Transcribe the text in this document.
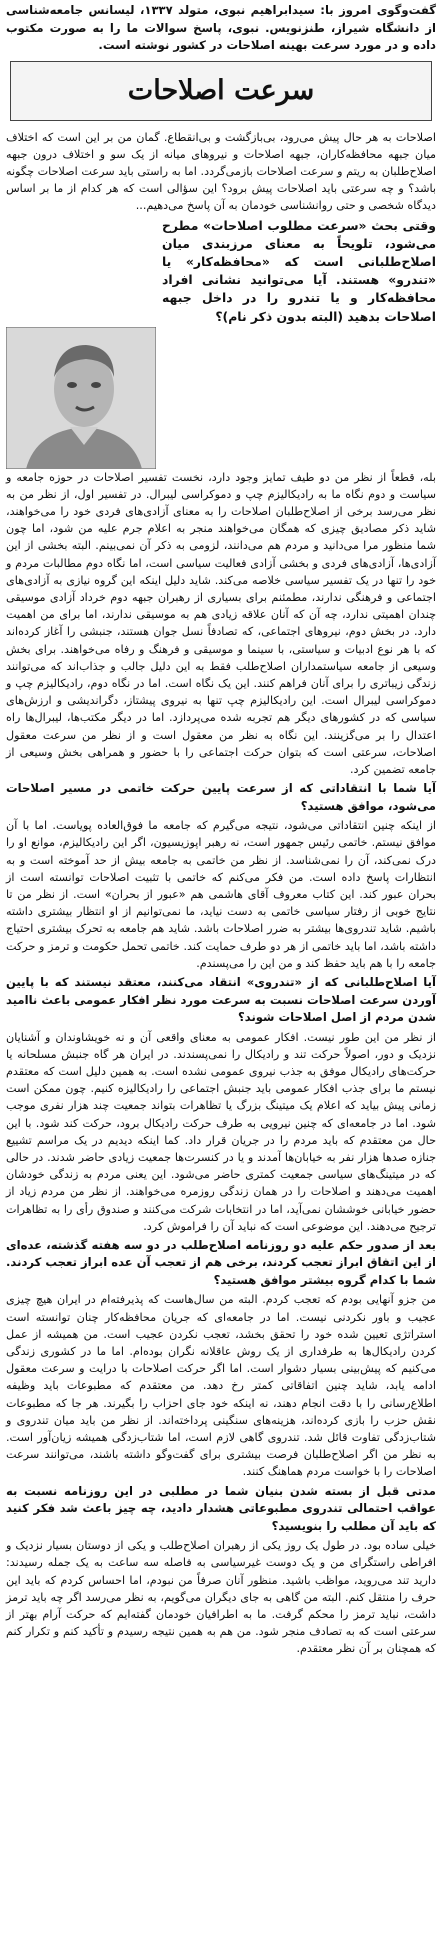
گفت‌وگوی امروز با: سیدابراهیم نبوی، متولد ۱۳۳۷، لیسانس جامعه‌شناسی از دانشگاه شیراز، طنزنویس. نبوی، پاسخ سوالات ما را به صورت مکتوب داده و در مورد سرعت بهینه اصلاحات در کشور نوشته است.

سرعت اصلاحات

اصلاحات به هر حال پیش می‌رود، بی‌بازگشت و بی‌انقطاع. گمان من بر این است که اختلاف میان جبهه محافظه‌کاران، جبهه اصلاحات و نیروهای میانه از یک سو و اختلاف درون جبهه اصلاح‌طلبان به ریتم و سرعت اصلاحات بازمی‌گردد. اما به راستی باید سرعت اصلاحات چگونه باشد؟ و چه سرعتی باید اصلاحات پیش برود؟ این سؤالی است که هر کدام از ما بر اساس دیدگاه شخصی و حتی روانشناسی خودمان به آن پاسخ می‌دهیم...

وقتی بحث «سرعت مطلوب اصلاحات» مطرح می‌شود، تلویحاً به معنای مرزبندی میان اصلاح‌طلبانی است که «محافظه‌کار» یا «تندرو» هستند. آیا می‌توانید نشانی افراد محافظه‌کار و یا تندرو را در داخل جبهه اصلاحات بدهید (البته بدون ذکر نام)؟

بله، قطعاً از نظر من دو طیف تمایز وجود دارد، نخست تفسیر اصلاحات در حوزه جامعه و سیاست و دوم نگاه ما به رادیکالیزم چپ و دموکراسی لیبرال. در تفسیر اول، از نظر من به نظر می‌رسد برخی از اصلاح‌طلبان اصلاحات را به معنای آزادی‌های فردی خود را می‌خواهند، شاید ذکر مصادیق چیزی که همگان می‌خواهند منجر به اعلام جرم علیه من شود، اما چون شما منظور مرا می‌دانید و مردم هم می‌دانند، لزومی به ذکر آن نمی‌بینم. البته بخشی از این آزادی‌ها، آزادی‌های فردی و بخشی آزادی فعالیت سیاسی است، اما نگاه دوم مطالبات مردم و خود را تنها در یک تفسیر سیاسی خلاصه می‌کند. شاید دلیل اینکه این گروه نیازی به آزادی‌های اجتماعی و فرهنگی ندارند، مطمئنم برای بسیاری از رهبران جبهه دوم خرداد آزادی موسیقی چندان اهمیتی ندارد، چه آن که آنان علاقه زیادی هم به موسیقی ندارند، اما برای من اهمیت دارد. در بخش دوم، نیروهای اجتماعی، که تصادفاً نسل جوان هستند، جنبشی را آغاز کرده‌اند که با هر نوع ادبیات و سیاستی، با سینما و موسیقی و فرهنگ و رفاه می‌خواهند. برای بخش وسیعی از جامعه سیاستمداران اصلاح‌طلب فقط به این دلیل جالب و جذاب‌اند که می‌توانند زندگی زیباتری را برای آنان فراهم کنند. این یک نگاه است. اما در نگاه دوم، رادیکالیزم چپ و دموکراسی لیبرال است. این رادیکالیزم چپ تنها به نیروی پیشتاز، دگراندیشی و ارزش‌های سیاسی که در کشورهای دیگر هم تجربه شده می‌پردازد. اما در دیگر مکتب‌ها، لیبرال‌ها راه اعتدال را بر می‌گزینند. این نگاه به نظر من معقول است و از نظر من سرعت معقول اصلاحات، سرعتی است که بتوان حرکت اجتماعی را با حضور و همراهی بخش وسیعی از جامعه تضمین کرد.

آیا شما با انتقاداتی که از سرعت پایین حرکت خاتمی در مسیر اصلاحات می‌شود، موافق هستید؟

از اینکه چنین انتقاداتی می‌شود، نتیجه می‌گیرم که جامعه ما فوق‌العاده پویاست. اما با آن موافق نیستم. خاتمی رئیس جمهور است، نه رهبر اپوزیسیون، اگر این رادیکالیزم، موانع او را درک نمی‌کند، آن را نمی‌شناسد. از نظر من خاتمی به جامعه بیش از حد آموخته است و به انتظارات پاسخ داده است. من فکر می‌کنم که خاتمی با تثبیت اصلاحات توانسته است از بحران عبور کند. این کتاب معروف آقای هاشمی هم «عبور از بحران» است. از نظر من تا نتایج خوبی از رفتار سیاسی خاتمی به دست نیاید، ما نمی‌توانیم از او انتظار بیشتری داشته باشیم. شاید تندروی‌ها بیشتر به ضرر اصلاحات باشد. شاید هم جامعه به تحرک بیشتری احتیاج داشته باشد، اما باید خاتمی از هر دو طرف حمایت کند. خاتمی تحمل حکومت و ترمز و حرکت جامعه را با هم باید حفظ کند و من این را می‌پسندم.

آیا اصلاح‌طلبانی که از «تندروی» انتقاد می‌کنند، معتقد نیستند که با پایین آوردن سرعت اصلاحات نسبت به سرعت مورد نظر افکار عمومی باعث ناامید شدن مردم از اصل اصلاحات شوند؟

از نظر من این طور نیست. افکار عمومی به معنای واقعی آن و نه خویشاوندان و آشنایان نزدیک و دور، اصولاً حرکت تند و رادیکال را نمی‌پسندند. در ایران هر گاه جنبش مسلحانه یا حرکت‌های رادیکال موفق به جذب نیروی عمومی نشده است. به همین دلیل است که معتقدم نیستم ما برای جذب افکار عمومی باید جنبش اجتماعی را رادیکالیزه کنیم. چون ممکن است زمانی پیش بیاید که اعلام یک میتینگ بزرگ یا تظاهرات بتواند جمعیت چند هزار نفری موجب شود. اما در جامعه‌ای که چنین نیرویی به طرف حرکت رادیکال برود، حرکت کند شود. با این حال من معتقدم که باید مردم را در جریان قرار داد. کما اینکه دیدیم در یک مراسم تشییع جنازه صدها هزار نفر به خیابان‌ها آمدند و یا در کنسرت‌ها جمعیت زیادی حاضر شدند. در حالی که در میتینگ‌های سیاسی جمعیت کمتری حاضر می‌شود. این یعنی مردم به زندگی خودشان اهمیت می‌دهند و اصلاحات را در همان زندگی روزمره می‌خواهند. از نظر من مردم زیاد از حضور خیابانی خوششان نمی‌آید، اما در انتخابات شرکت می‌کنند و صندوق رأی را به تظاهرات ترجیح می‌دهند. این موضوعی است که نباید آن را فراموش کرد.

بعد از صدور حکم علیه دو روزنامه اصلاح‌طلب در دو سه هفته گذشته، عده‌ای از این اتفاق ابراز تعجب کردند، برخی هم از تعجب آن عده ابراز تعجب کردند. شما با کدام گروه بیشتر موافق هستید؟

من جزو آنهایی بودم که تعجب کردم. البته من سال‌هاست که پذیرفته‌ام در ایران هیچ چیزی عجیب و باور نکردنی نیست. اما در جامعه‌ای که جریان محافظه‌کار چنان توانسته است استراتژی تعیین شده خود را تحقق بخشد، تعجب نکردن عجیب است. من همیشه از عمل کردن رادیکال‌ها به طرفداری از یک روش عاقلانه نگران بوده‌ام. اما ما در کشوری زندگی می‌کنیم که پیش‌بینی بسیار دشوار است. اما اگر حرکت اصلاحات با درایت و سرعت معقول ادامه یابد، شاید چنین اتفاقاتی کمتر رخ دهد. من معتقدم که مطبوعات باید وظیفه اطلاع‌رسانی را با دقت انجام دهند، نه اینکه خود جای احزاب را بگیرند. هر جا که مطبوعات نقش حزب را بازی کرده‌اند، هزینه‌های سنگینی پرداخته‌اند. از نظر من باید میان تندروی و شتاب‌زدگی تفاوت قائل شد. تندروی گاهی لازم است، اما شتاب‌زدگی همیشه زیان‌آور است. به نظر من اگر اصلاح‌طلبان فرصت بیشتری برای گفت‌وگو داشته باشند، می‌توانند سرعت اصلاحات را با خواست مردم هماهنگ کنند.

مدتی قبل از بسته شدن بنیان شما در مطلبی در این روزنامه نسبت به عواقب احتمالی تندروی مطبوعاتی هشدار دادید، چه چیز باعث شد فکر کنید که باید آن مطلب را بنویسید؟

خیلی ساده بود. در طول یک روز یکی از رهبران اصلاح‌طلب و یکی از دوستان بسیار نزدیک و افراطی راستگرای من و یک دوست غیرسیاسی به فاصله سه ساعت به یک جمله رسیدند: دارید تند می‌روید، مواظب باشید. منظور آنان صرفاً من نبودم، اما احساس کردم که باید این حرف را منتقل کنم. البته من گاهی به جای دیگران می‌گویم، به نظر می‌رسد اگر چه باید ترمز داشت، نباید ترمز را محکم گرفت. ما به اطرافیان خودمان گفته‌ایم که حرکت آرام بهتر از سرعتی است که به تصادف منجر شود. من هم به همین نتیجه رسیدم و تأکید کنم و تکرار کنم که همچنان بر آن نظر معتقدم.
